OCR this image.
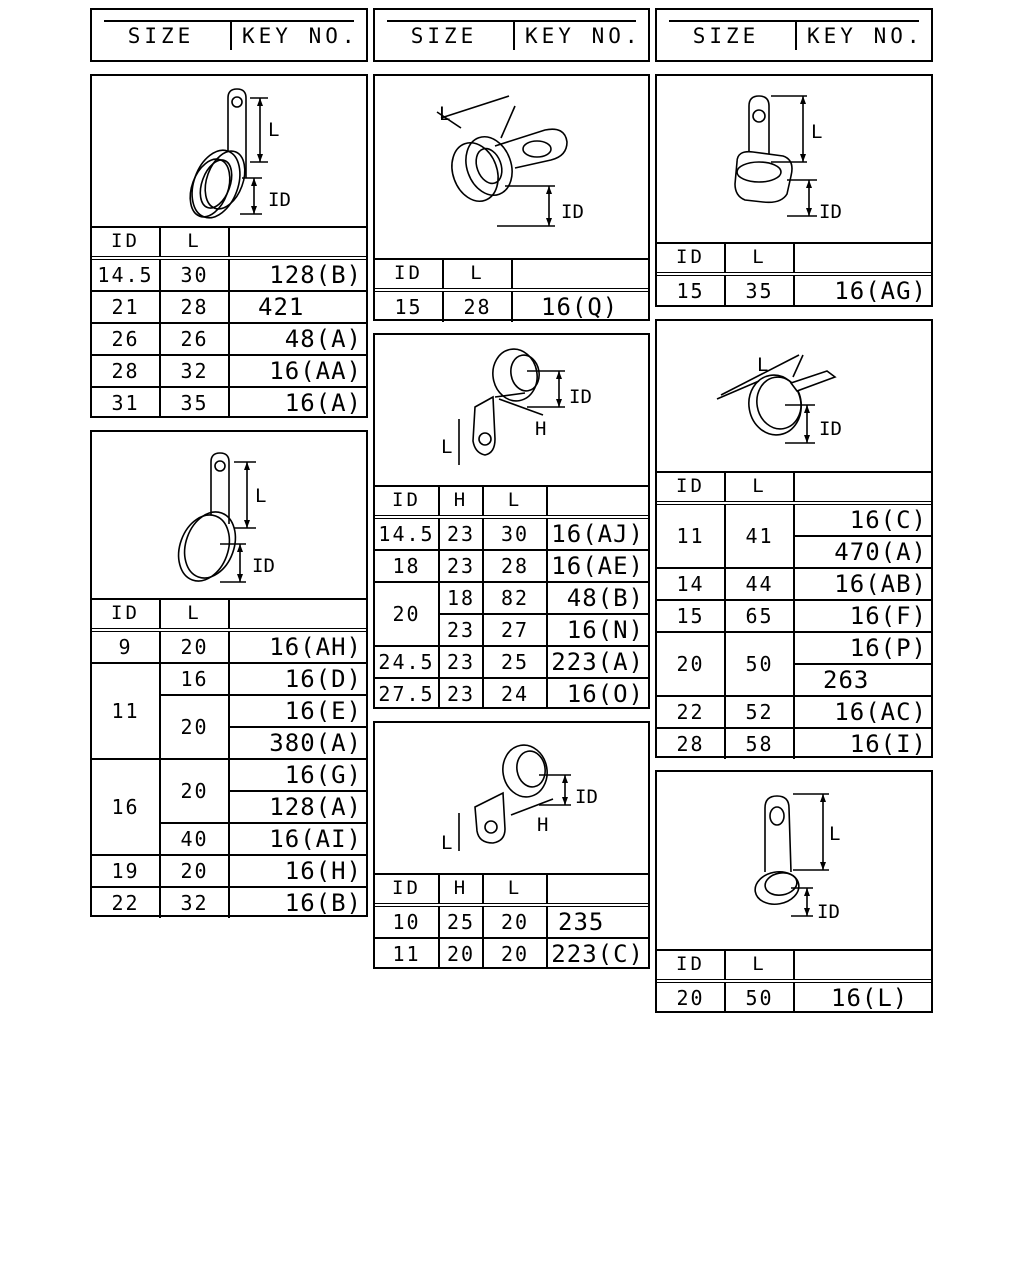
SIZE	KEY NO.	SIZE	KEY NO.	SIZE	KEY NO.
L
ID
ID	L	
14.5	30	128(B)
21	28	421
26	26	48(A)
28	32	16(AA)
31	35	16(A)
L
ID
ID	L	
9	20	16(AH)
11	16	16(D)
	20	16(E)
		380(A)
16	20	16(G)
		128(A)
	40	16(AI)
19	20	16(H)
22	32	16(B)
L
ID
ID	L	
15	28	16(Q)
ID
H
L
ID	H	L	
14.5	23	30	16(AJ)
18	23	28	16(AE)
20	18	82	48(B)
	23	27	16(N)
24.5	23	25	223(A)
27.5	23	24	16(O)
ID
H
L
ID	H	L	
10	25	20	235
11	20	20	223(C)
L
ID
ID	L	
15	35	16(AG)
L
ID
ID	L	
11	41	16(C)
		470(A)
14	44	16(AB)
15	65	16(F)
20	50	16(P)
		263
22	52	16(AC)
28	58	16(I)
L
ID
ID	L	
20	50	16(L)
